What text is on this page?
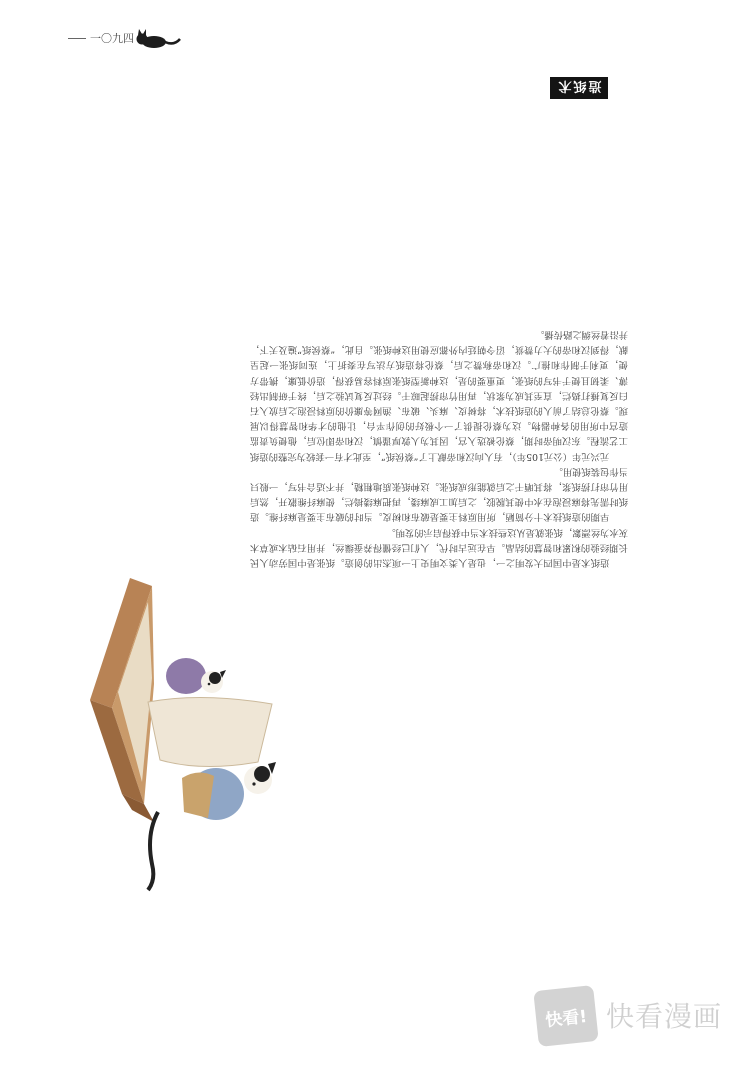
一〇九四
造纸术

造纸术是中国四大发明之一，也是人类文明史上一项杰出的创造。纸张是中国劳动人民长期经验的积累和智慧的结晶。早在远古时代，人们已经懂得养蚕缫丝，并用石砧木或草木灰水为丝漂絮，纸张就是从这些技术当中获得启示的发明。

早期的造纸技术十分简陋，所用原料主要是破布和树皮。当时的破布主要是麻纤维。造纸时需先将麻浸泡在水中使其脱胶，之后加工成麻缕，再把麻缕捣烂，使麻纤维散开，然后用竹帘打捞纸浆，将其晒干之后就能形成纸张。这种纸张质地粗糙，并不适合书写，一般只当作包装纸使用。

元兴元年（公元105年），有人向汉和帝献上了“蔡侯纸”，至此才有一套较为完整的造纸工艺流程。东汉明帝时期，蔡伦被选入宫，因其为人敦厚谨慎，汉和帝即位后，他便负责监造宫中所用的各种器物。这为蔡伦提供了一个极好的创作平台，让他的才华和智慧得以展现。蔡伦总结了前人的造纸技术，将树皮、麻头、破布、渔网等廉价的原料浸泡之后放入石臼反复捶打捣烂，直至其成为浆状，再用竹帘捞起晾干。经过反复试验之后，终于研制出轻薄、柔韧且便于书写的纸张，更重要的是，这种新型纸张原料容易获得，造价低廉，携带方便，更利于制作和推广。汉和帝称赞之后，蔡伦将造纸方法写在奏折上，连同纸张一起呈献，得到汉和帝的大力赞赏，诏令朝廷内外都应使用这种纸张。自此，“蔡侯纸”遍及天下，并沿着丝绸之路传播。

快看! 快看漫画
